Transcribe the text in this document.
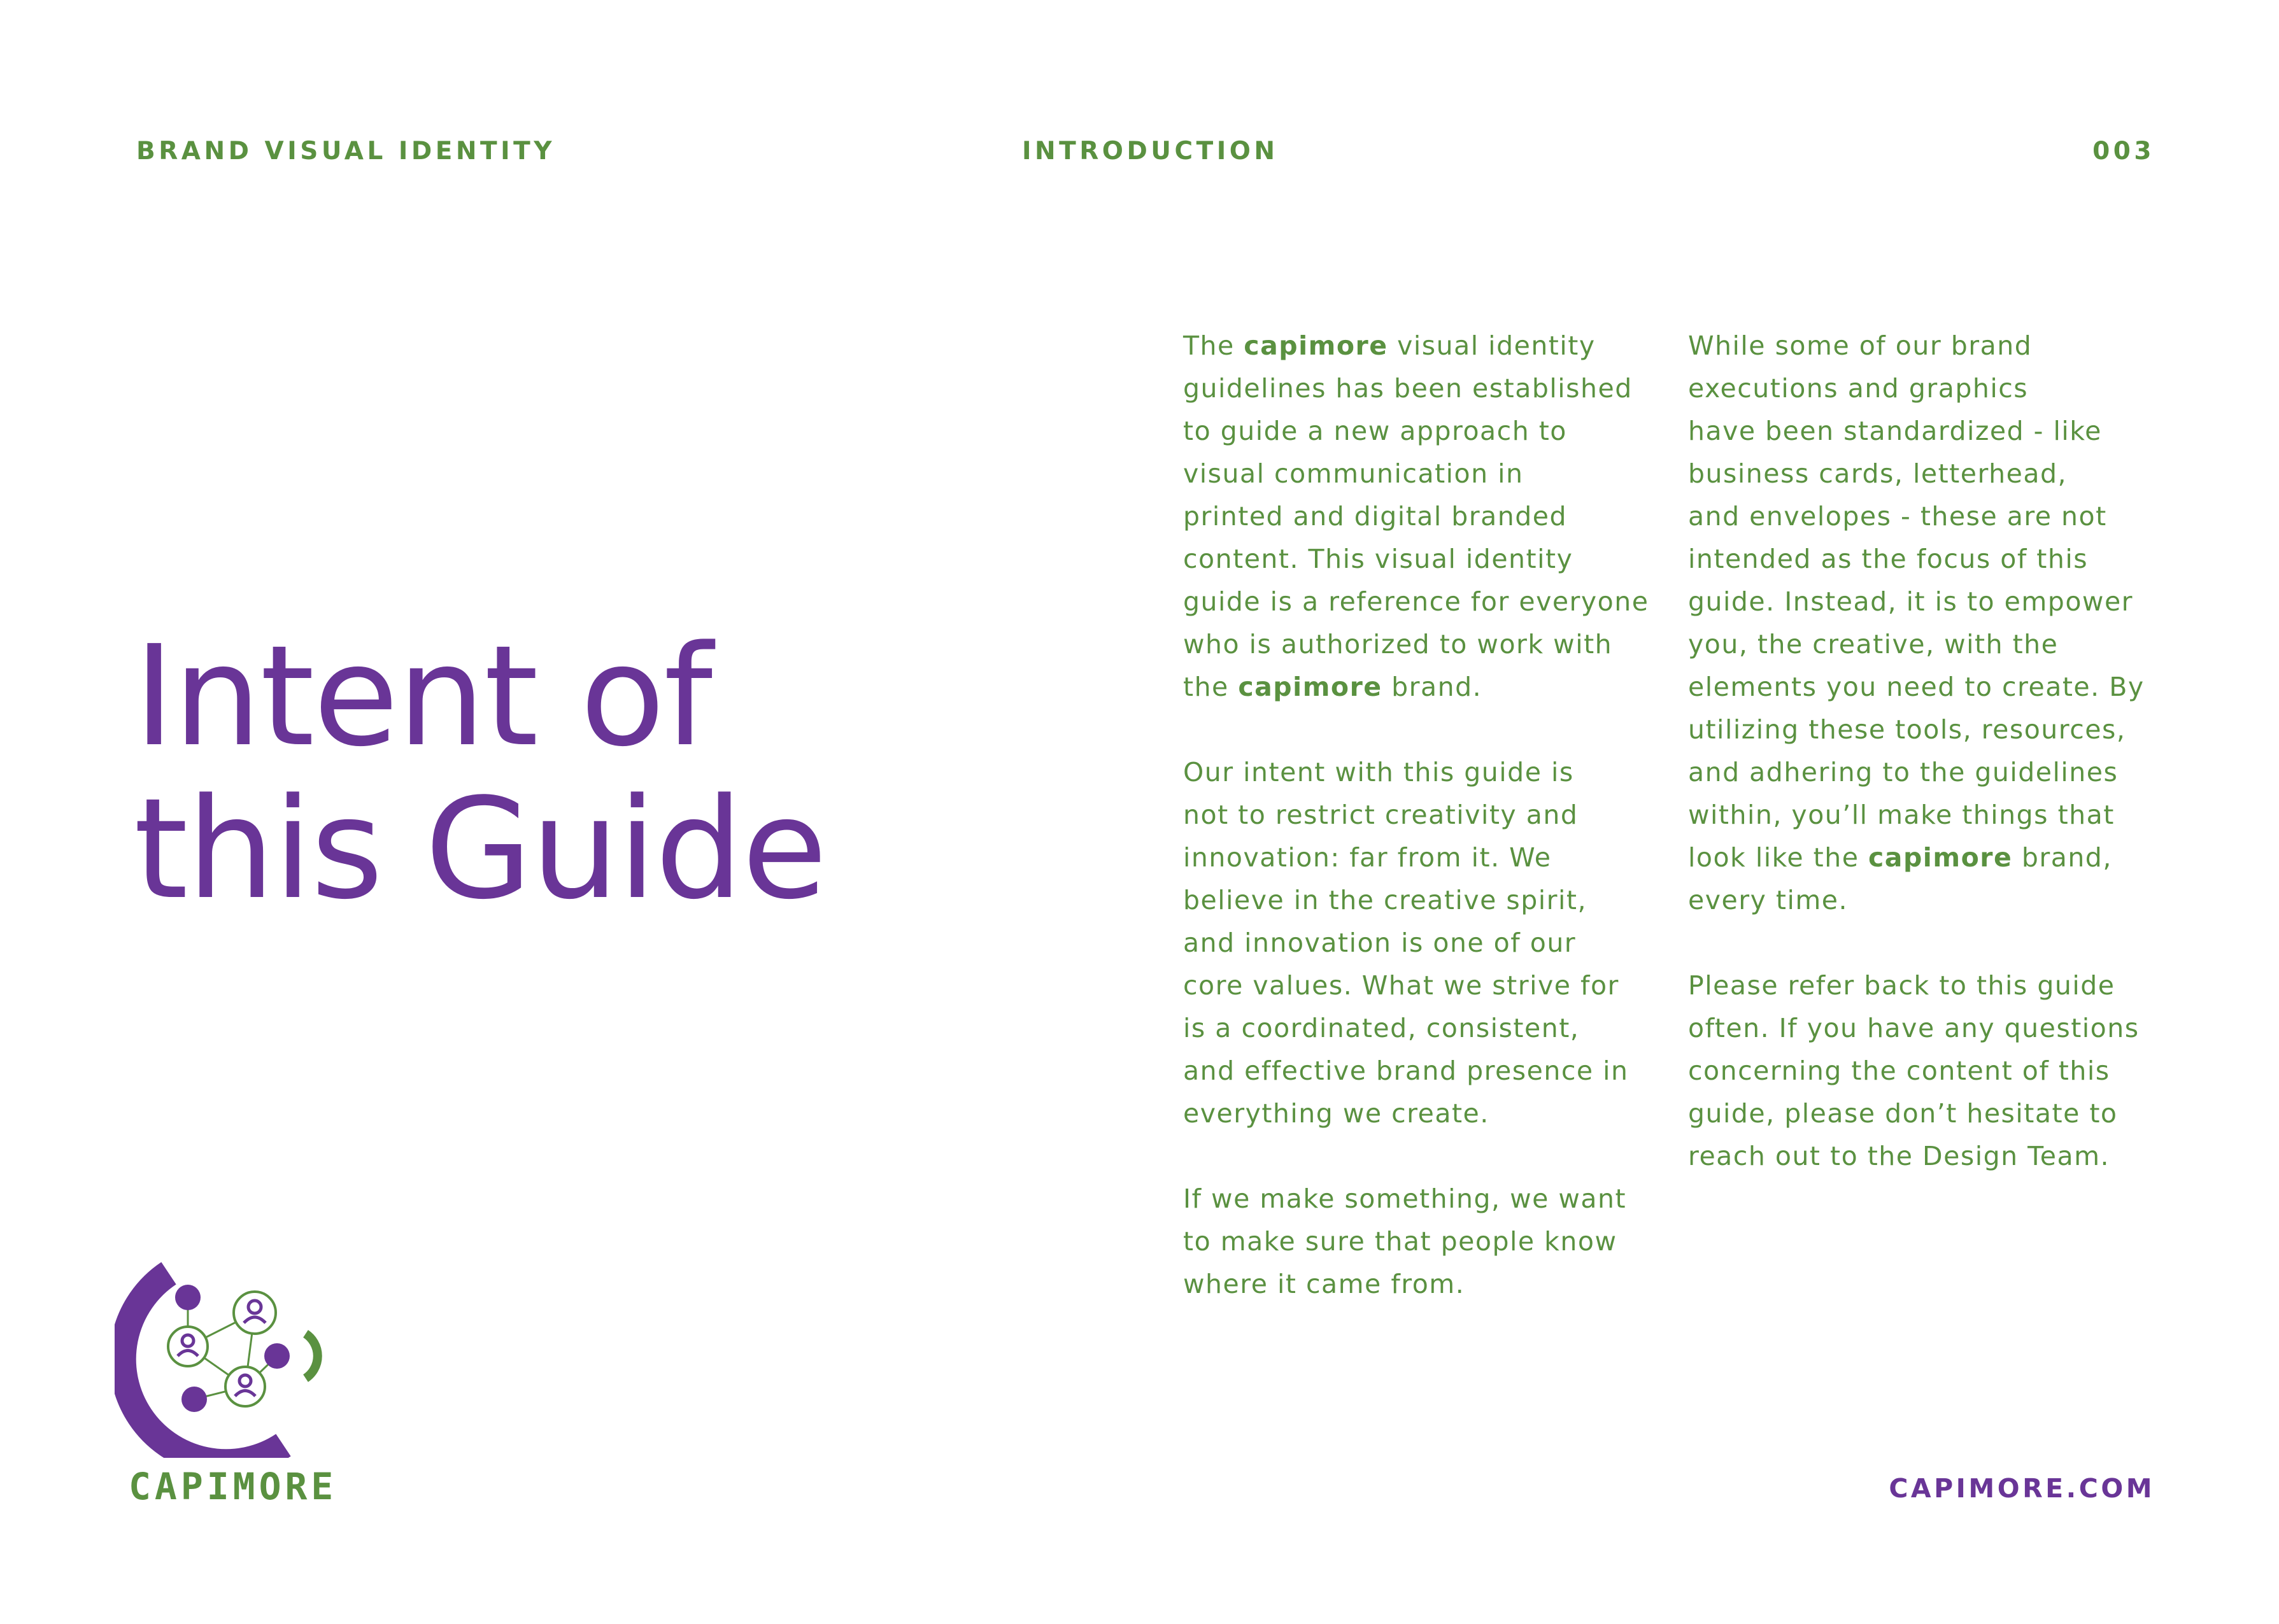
BRAND VISUAL IDENTITY	INTRODUCTION	003
Intent of
this Guide

The capimore visual identity
guidelines has been established
to guide a new approach to
visual communication in
printed and digital branded
content. This visual identity
guide is a reference for everyone
who is authorized to work with
the capimore brand.

Our intent with this guide is
not to restrict creativity and
innovation: far from it. We
believe in the creative spirit,
and innovation is one of our
core values. What we strive for
is a coordinated, consistent,
and effective brand presence in
everything we create.

If we make something, we want
to make sure that people know
where it came from.

While some of our brand
executions and graphics
have been standardized - like
business cards, letterhead,
and envelopes - these are not
intended as the focus of this
guide. Instead, it is to empower
you, the creative, with the
elements you need to create. By
utilizing these tools, resources,
and adhering to the guidelines
within, you’ll make things that
look like the capimore brand,
every time.

Please refer back to this guide
often. If you have any questions
concerning the content of this
guide, please don’t hesitate to
reach out to the Design Team.

CAPIMORE	CAPIMORE.COM
